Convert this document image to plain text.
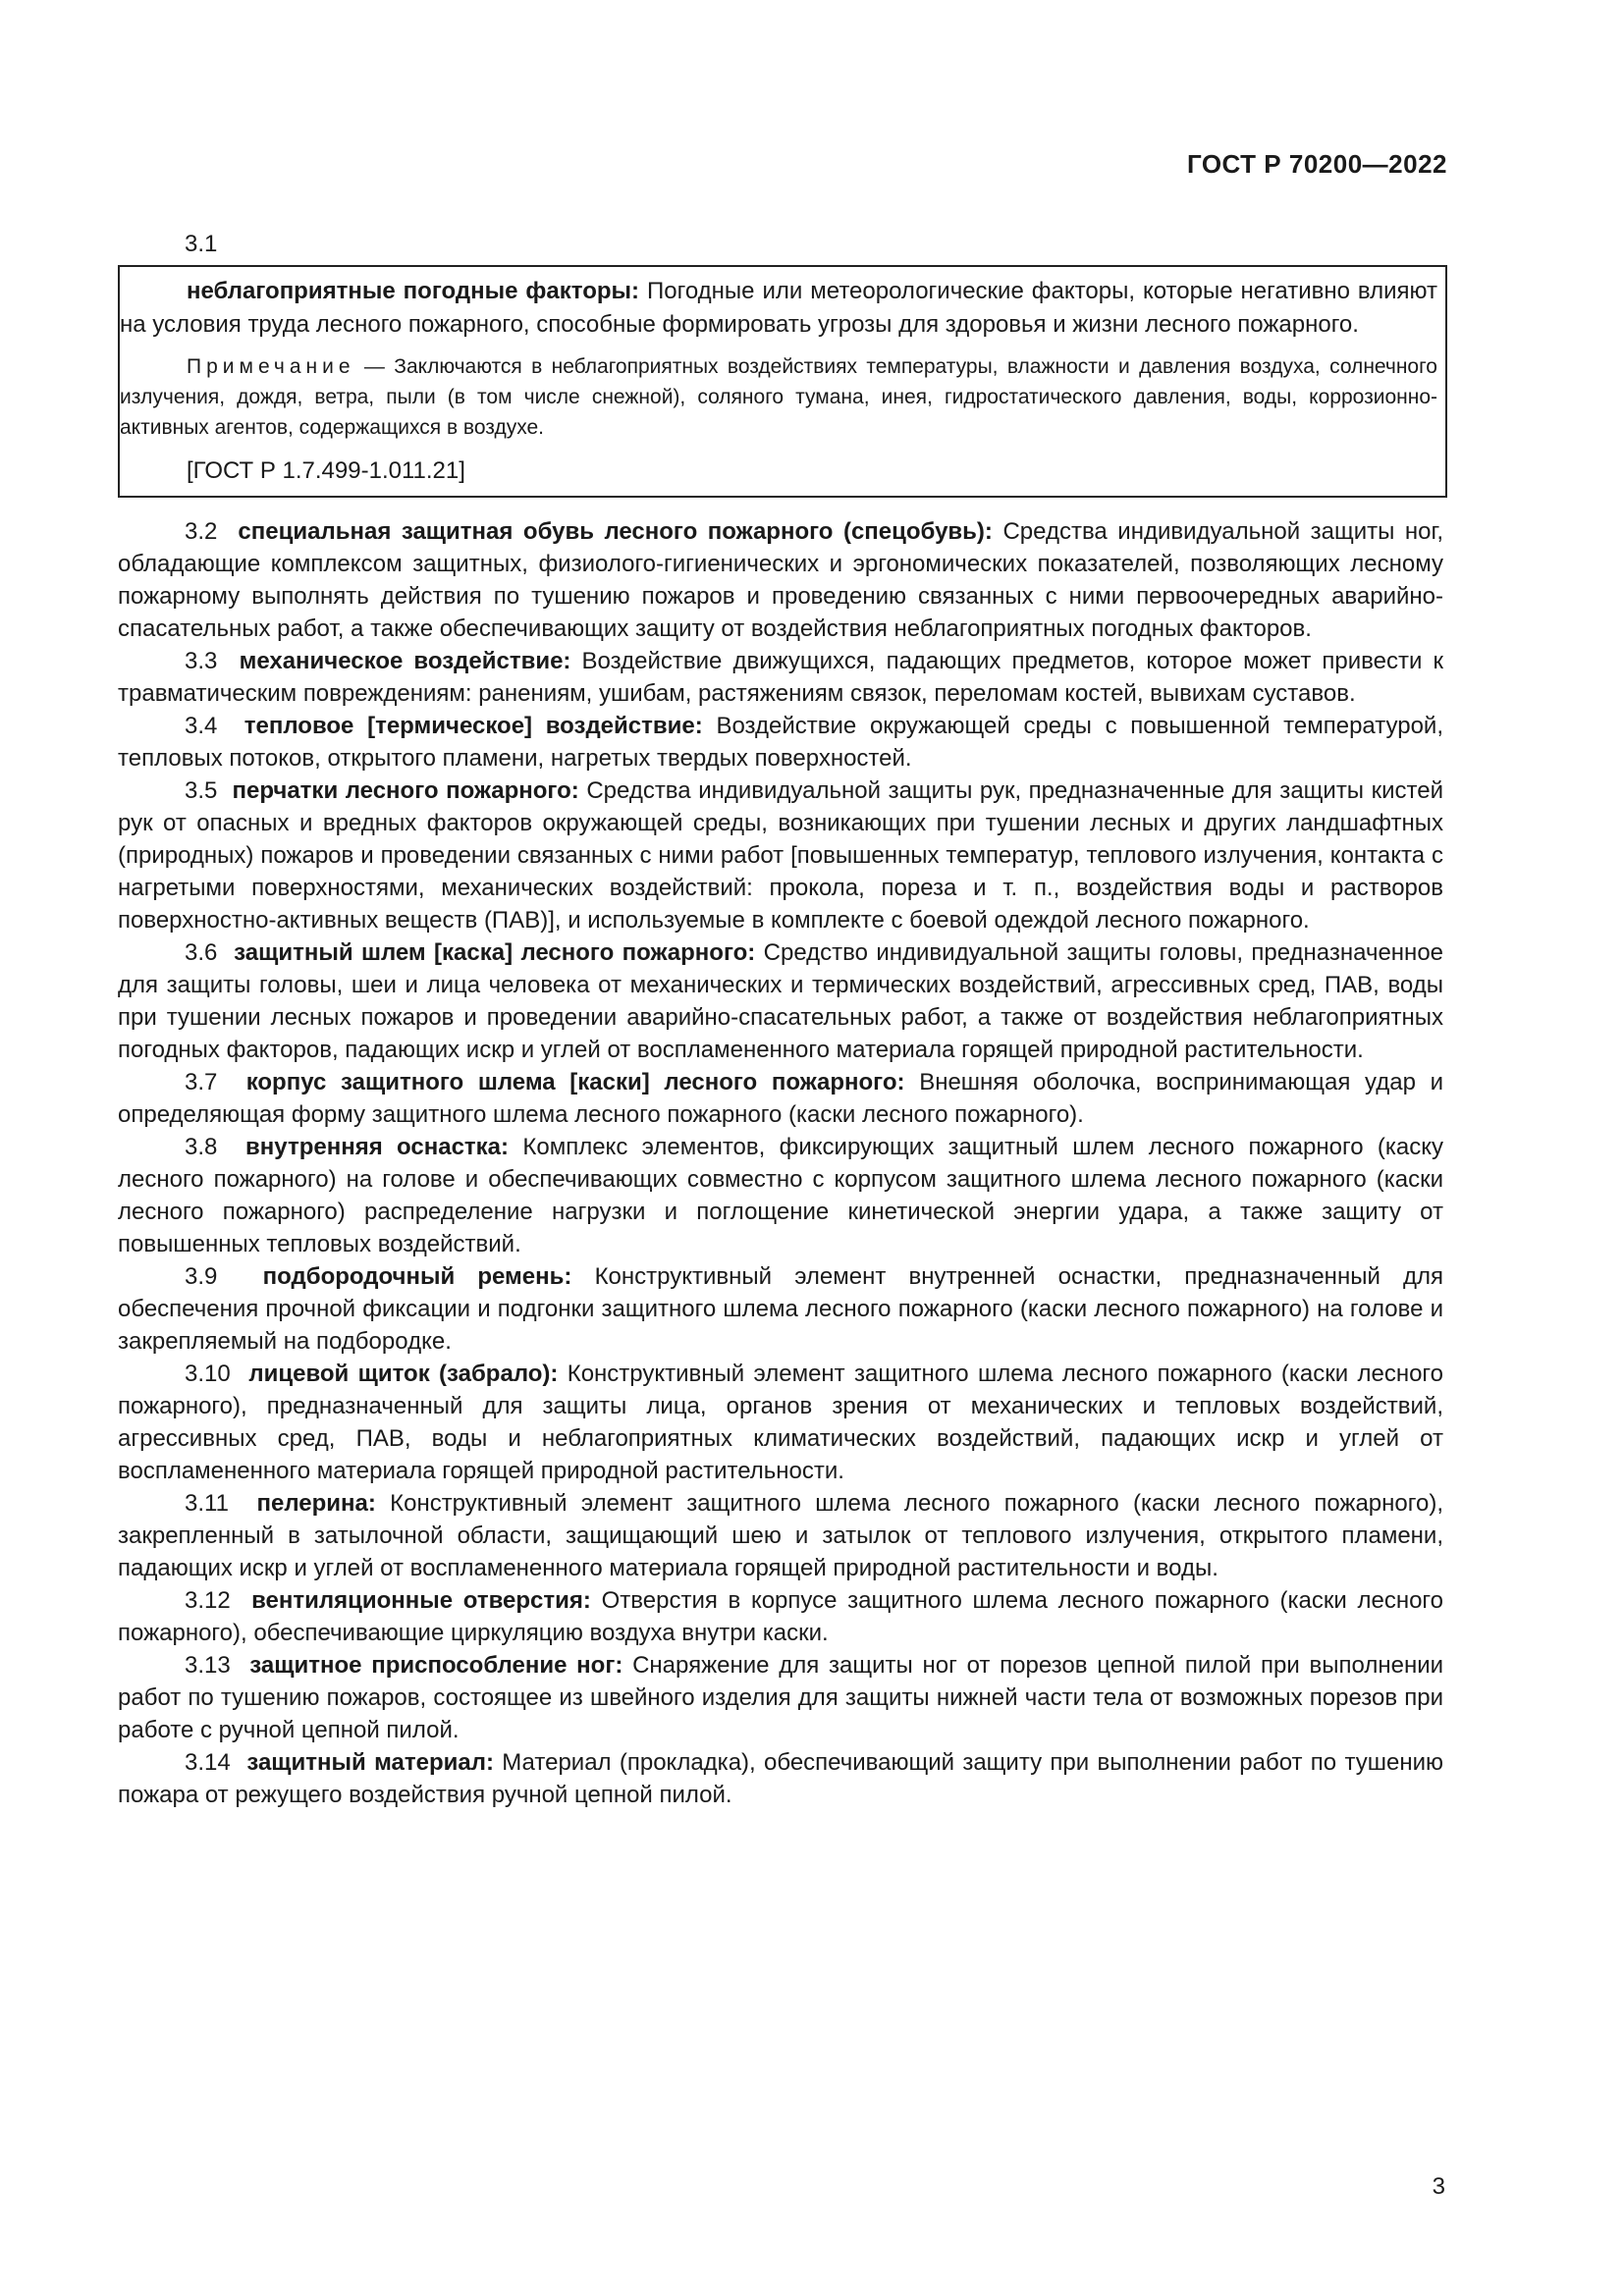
ГОСТ Р 70200—2022
3.1

неблагоприятные погодные факторы: Погодные или метеорологические факторы, которые негативно влияют на условия труда лесного пожарного, способные формировать угрозы для здоровья и жизни лесного пожарного.

Примечание — Заключаются в неблагоприятных воздействиях температуры, влажности и давления воздуха, солнечного излучения, дождя, ветра, пыли (в том числе снежной), соляного тумана, инея, гидростатического давления, воды, коррозионно-активных агентов, содержащихся в воздухе.

[ГОСТ Р 1.7.499-1.011.21]

3.2 специальная защитная обувь лесного пожарного (спецобувь): Средства индивидуальной защиты ног, обладающие комплексом защитных, физиолого-гигиенических и эргономических показателей, позволяющих лесному пожарному выполнять действия по тушению пожаров и проведению связанных с ними первоочередных аварийно-спасательных работ, а также обеспечивающих защиту от воздействия неблагоприятных погодных факторов.

3.3 механическое воздействие: Воздействие движущихся, падающих предметов, которое может привести к травматическим повреждениям: ранениям, ушибам, растяжениям связок, переломам костей, вывихам суставов.

3.4 тепловое [термическое] воздействие: Воздействие окружающей среды с повышенной температурой, тепловых потоков, открытого пламени, нагретых твердых поверхностей.

3.5 перчатки лесного пожарного: Средства индивидуальной защиты рук, предназначенные для защиты кистей рук от опасных и вредных факторов окружающей среды, возникающих при тушении лесных и других ландшафтных (природных) пожаров и проведении связанных с ними работ [повышенных температур, теплового излучения, контакта с нагретыми поверхностями, механических воздействий: прокола, пореза и т. п., воздействия воды и растворов поверхностно-активных веществ (ПАВ)], и используемые в комплекте с боевой одеждой лесного пожарного.

3.6 защитный шлем [каска] лесного пожарного: Средство индивидуальной защиты головы, предназначенное для защиты головы, шеи и лица человека от механических и термических воздействий, агрессивных сред, ПАВ, воды при тушении лесных пожаров и проведении аварийно-спасательных работ, а также от воздействия неблагоприятных погодных факторов, падающих искр и углей от воспламененного материала горящей природной растительности.

3.7 корпус защитного шлема [каски] лесного пожарного: Внешняя оболочка, воспринимающая удар и определяющая форму защитного шлема лесного пожарного (каски лесного пожарного).

3.8 внутренняя оснастка: Комплекс элементов, фиксирующих защитный шлем лесного пожарного (каску лесного пожарного) на голове и обеспечивающих совместно с корпусом защитного шлема лесного пожарного (каски лесного пожарного) распределение нагрузки и поглощение кинетической энергии удара, а также защиту от повышенных тепловых воздействий.

3.9 подбородочный ремень: Конструктивный элемент внутренней оснастки, предназначенный для обеспечения прочной фиксации и подгонки защитного шлема лесного пожарного (каски лесного пожарного) на голове и закрепляемый на подбородке.

3.10 лицевой щиток (забрало): Конструктивный элемент защитного шлема лесного пожарного (каски лесного пожарного), предназначенный для защиты лица, органов зрения от механических и тепловых воздействий, агрессивных сред, ПАВ, воды и неблагоприятных климатических воздействий, падающих искр и углей от воспламененного материала горящей природной растительности.

3.11 пелерина: Конструктивный элемент защитного шлема лесного пожарного (каски лесного пожарного), закрепленный в затылочной области, защищающий шею и затылок от теплового излучения, открытого пламени, падающих искр и углей от воспламененного материала горящей природной растительности и воды.

3.12 вентиляционные отверстия: Отверстия в корпусе защитного шлема лесного пожарного (каски лесного пожарного), обеспечивающие циркуляцию воздуха внутри каски.

3.13 защитное приспособление ног: Снаряжение для защиты ног от порезов цепной пилой при выполнении работ по тушению пожаров, состоящее из швейного изделия для защиты нижней части тела от возможных порезов при работе с ручной цепной пилой.

3.14 защитный материал: Материал (прокладка), обеспечивающий защиту при выполнении работ по тушению пожара от режущего воздействия ручной цепной пилой.

3
